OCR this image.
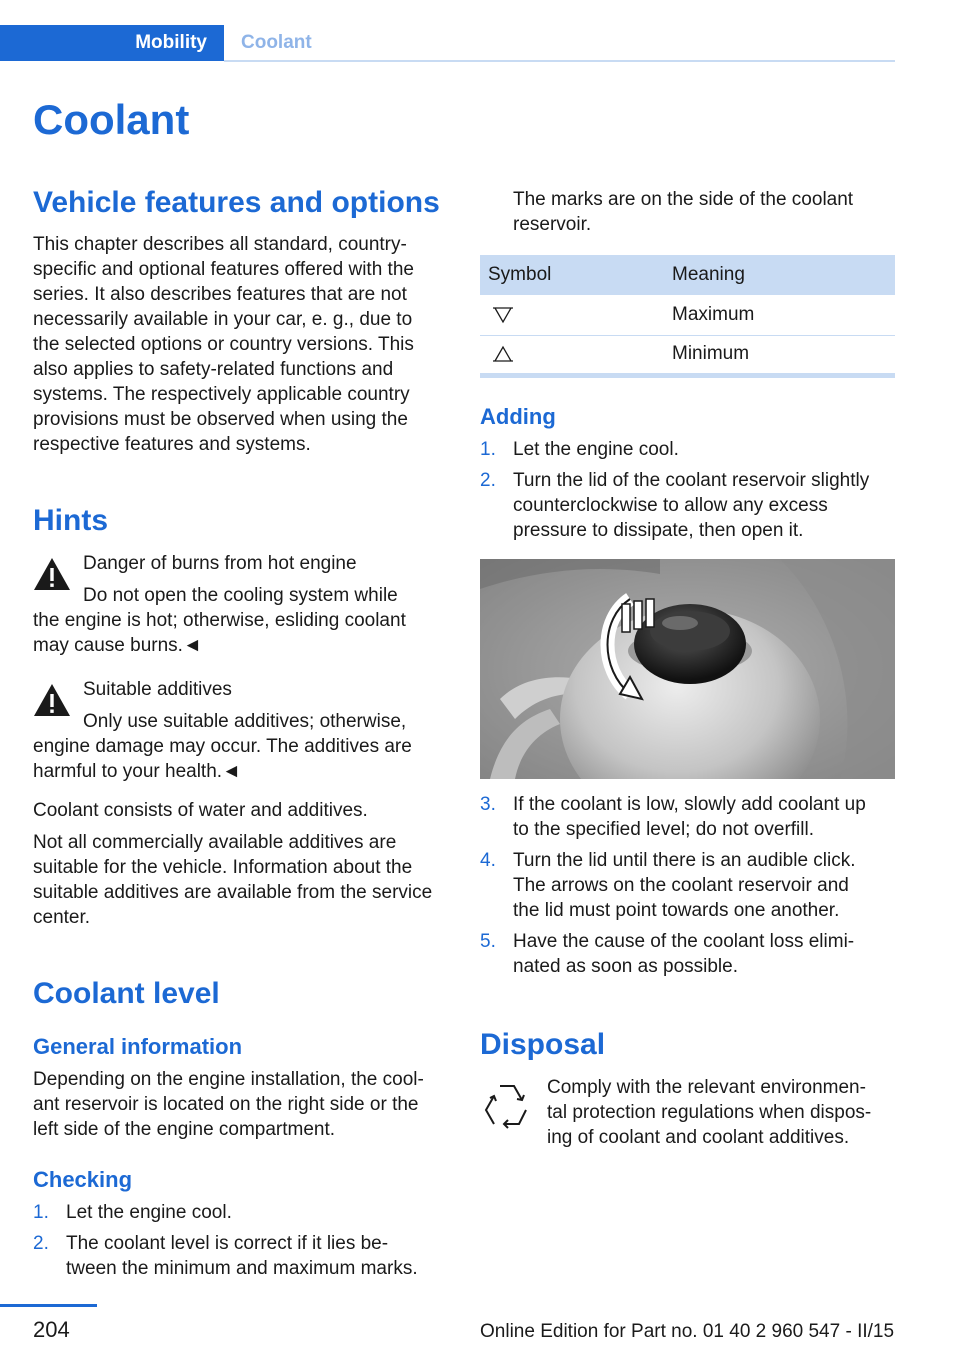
Mobility	Coolant
Coolant
Vehicle features and options
This chapter describes all standard, country-
specific and optional features offered with the
series. It also describes features that are not
necessarily available in your car, e. g., due to
the selected options or country versions. This
also applies to safety-related functions and
systems. The respectively applicable country
provisions must be observed when using the
respective features and systems.
Hints
Danger of burns from hot engine
Do not open the cooling system while
the engine is hot; otherwise, esliding coolant
may cause burns.◄
Suitable additives
Only use suitable additives; otherwise,
engine damage may occur. The additives are
harmful to your health.◄
Coolant consists of water and additives.
Not all commercially available additives are
suitable for the vehicle. Information about the
suitable additives are available from the service
center.
Coolant level
General information
Depending on the engine installation, the cool-
ant reservoir is located on the right side or the
left side of the engine compartment.
Checking
1. Let the engine cool.
2. The coolant level is correct if it lies be-
tween the minimum and maximum marks.
The marks are on the side of the coolant
reservoir.
Symbol	Meaning
	Maximum
	Minimum
Adding
1. Let the engine cool.
2. Turn the lid of the coolant reservoir slightly
counterclockwise to allow any excess
pressure to dissipate, then open it.
3. If the coolant is low, slowly add coolant up
to the specified level; do not overfill.
4. Turn the lid until there is an audible click.
The arrows on the coolant reservoir and
the lid must point towards one another.
5. Have the cause of the coolant loss elimi-
nated as soon as possible.
Disposal
Comply with the relevant environmen-
tal protection regulations when dispos-
ing of coolant and coolant additives.
204	Online Edition for Part no. 01 40 2 960 547 - II/15
